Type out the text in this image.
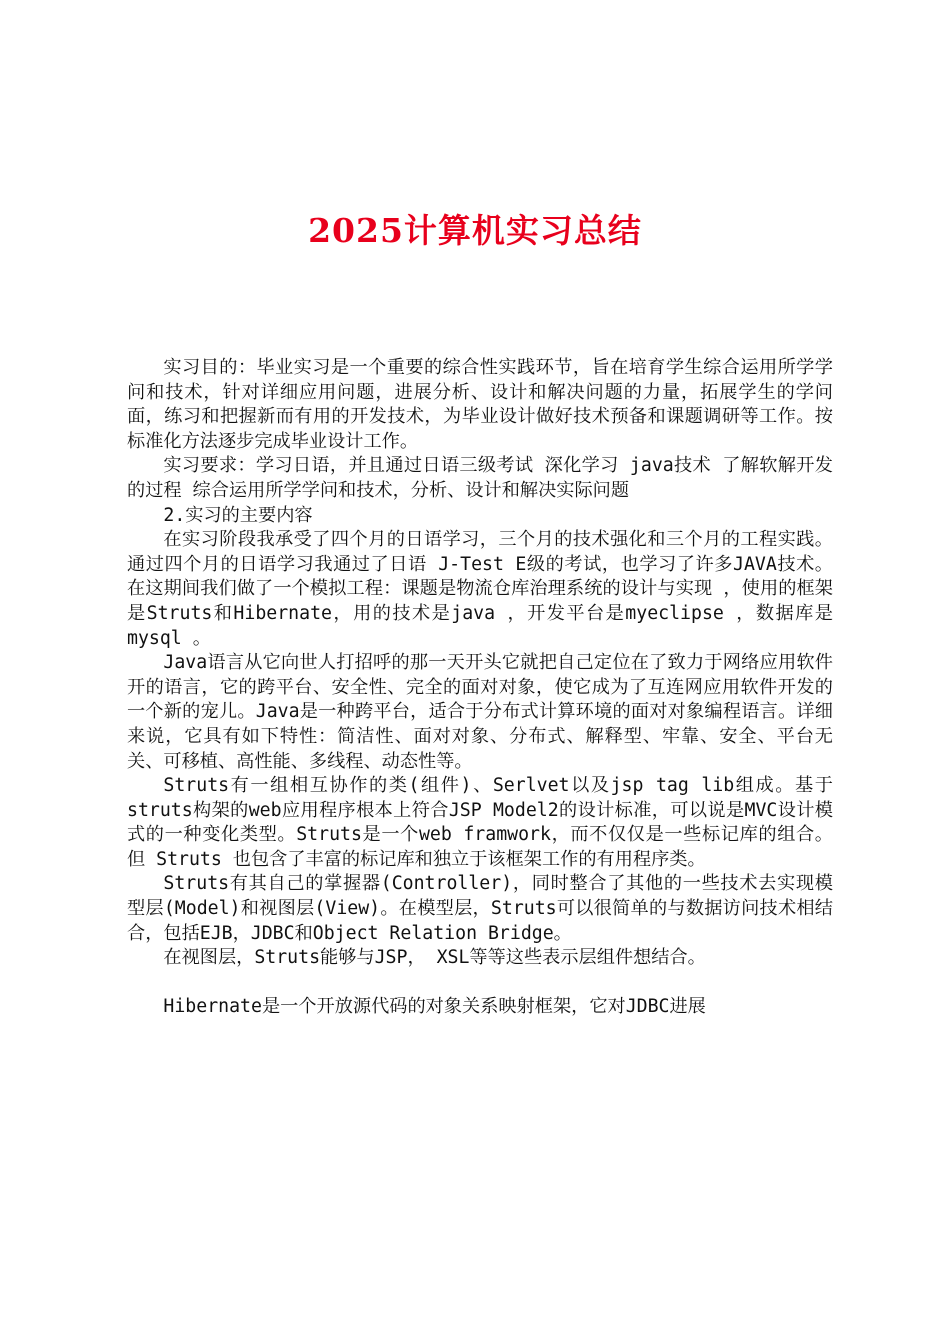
2025计算机实习总结

实习目的：毕业实习是一个重要的综合性实践环节，旨在培育学生综合运用所学学问和技术，针对详细应用问题，进展分析、设计和解决问题的力量，拓展学生的学问面，练习和把握新而有用的开发技术，为毕业设计做好技术预备和课题调研等工作。按标准化方法逐步完成毕业设计工作。

实习要求：学习日语，并且通过日语三级考试 深化学习 java技术 了解软解开发的过程 综合运用所学学问和技术，分析、设计和解决实际问题

2.实习的主要内容

在实习阶段我承受了四个月的日语学习，三个月的技术强化和三个月的工程实践。通过四个月的日语学习我通过了日语 J-Test E级的考试，也学习了许多JAVA技术。在这期间我们做了一个模拟工程：课题是物流仓库治理系统的设计与实现 ，使用的框架是Struts和Hibernate，用的技术是java ，开发平台是myeclipse ，数据库是mysql 。

Java语言从它向世人打招呼的那一天开头它就把自己定位在了致力于网络应用软件开的语言，它的跨平台、安全性、完全的面对对象，使它成为了互连网应用软件开发的一个新的宠儿。Java是一种跨平台，适合于分布式计算环境的面对对象编程语言。详细来说，它具有如下特性：简洁性、面对对象、分布式、解释型、牢靠、安全、平台无关、可移植、高性能、多线程、动态性等。

Struts有一组相互协作的类(组件)、Serlvet以及jsp tag lib组成。基于struts构架的web应用程序根本上符合JSP Model2的设计标准，可以说是MVC设计模式的一种变化类型。Struts是一个web framwork，而不仅仅是一些标记库的组合。但 Struts 也包含了丰富的标记库和独立于该框架工作的有用程序类。

Struts有其自己的掌握器(Controller)，同时整合了其他的一些技术去实现模型层(Model)和视图层(View)。在模型层，Struts可以很简单的与数据访问技术相结合，包括EJB，JDBC和Object Relation Bridge。

在视图层，Struts能够与JSP， XSL等等这些表示层组件想结合。

Hibernate是一个开放源代码的对象关系映射框架，它对JDBC进展
